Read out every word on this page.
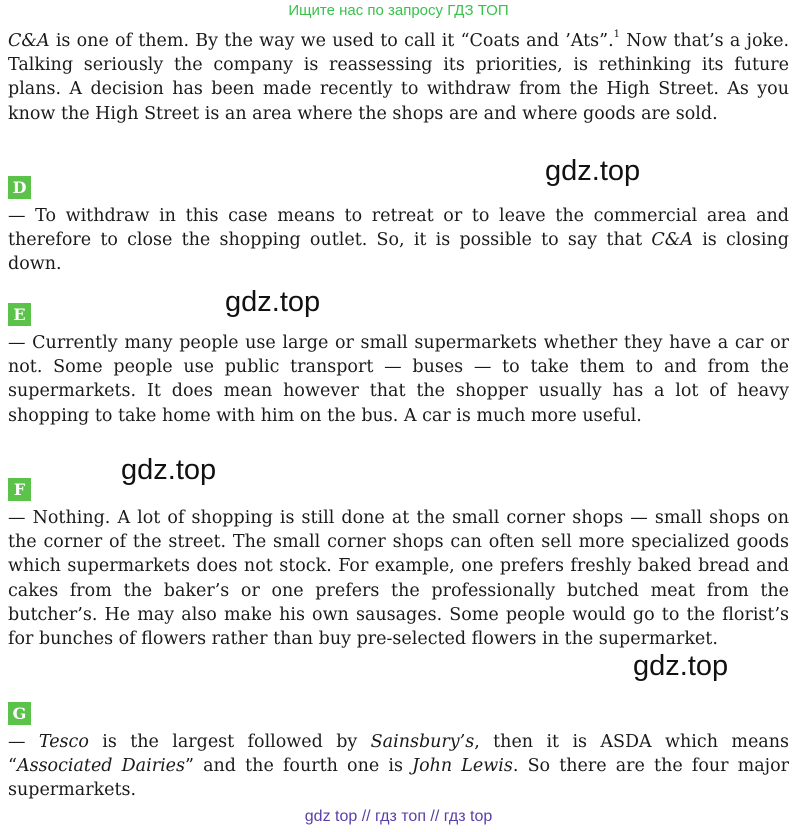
Ищите нас по запросу ГДЗ ТОП

C&A is one of them. By the way we used to call it “Coats and ’Ats”.$^1$ Now that’s a joke. Talking seriously the company is reassessing its priorities, is rethinking its future plans. A decision has been made recently to withdraw from the High Street. As you know the High Street is an area where the shops are and where goods are sold.

D
gdz.top

— To withdraw in this case means to retreat or to leave the commercial area and therefore to close the shopping outlet. So, it is possible to say that C&A is closing down.

E	gdz.top

— Currently many people use large or small supermarkets whether they have a car or not. Some people use public transport — buses — to take them to and from the supermarkets. It does mean however that the shopper usually has a lot of heavy shopping to take home with him on the bus. A car is much more useful.

F
gdz.top

— Nothing. A lot of shopping is still done at the small corner shops — small shops on the corner of the street. The small corner shops can often sell more specialized goods which supermarkets does not stock. For example, one prefers freshly baked bread and cakes from the baker’s or one prefers the professionally butched meat from the butcher’s. He may also make his own sausages. Some people would go to the florist’s for bunches of flowers rather than buy pre-selected flowers in the supermarket.

gdz.top
G

— Tesco is the largest followed by Sainsbury’s, then it is ASDA which means “Associated Dairies” and the fourth one is John Lewis. So there are the four major supermarkets.

gdz top // гдз топ // гдз top
